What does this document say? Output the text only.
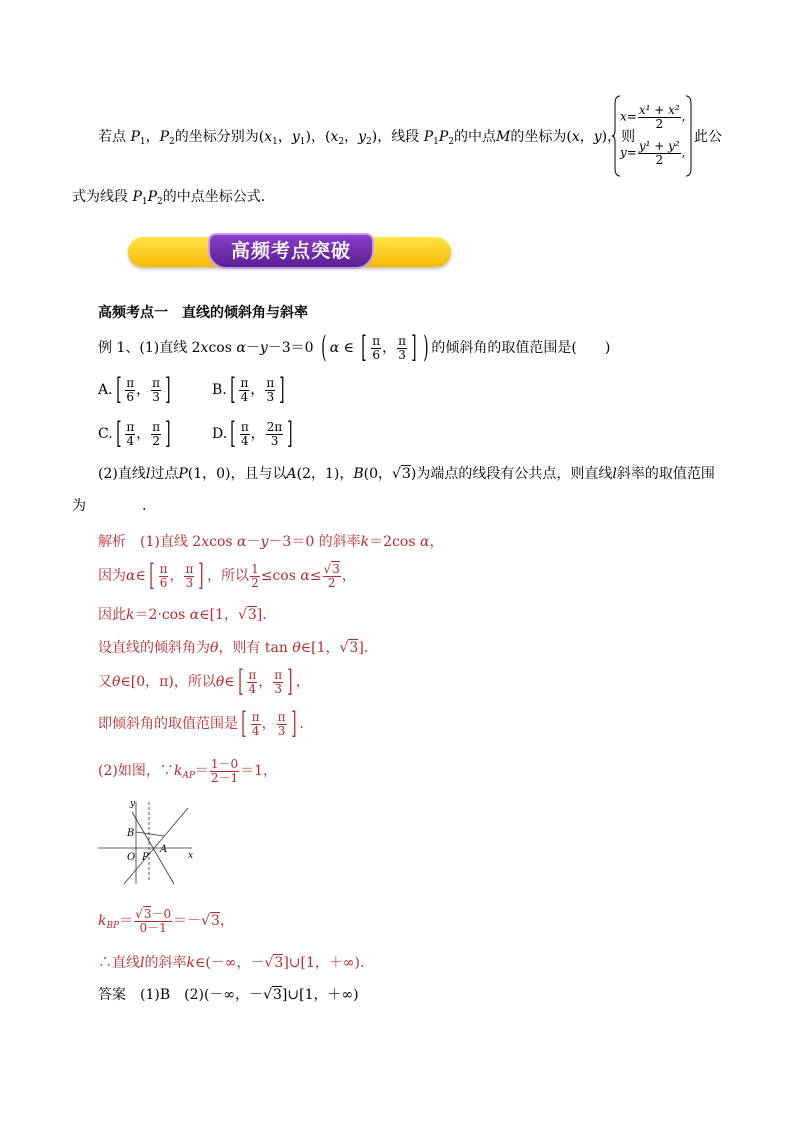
若点 $P_1$，$P_2$的坐标分别为($x_1$，$y_1$)，($x_2$，$y_2$)，线段 $P_1P_2$的中点M的坐标为(x，y)，则
$x= \frac{\text{x¹ + x²}}{2}$ ,
$y= \frac{\text{y¹ + y²}}{2}$ ,
此公
式为线段 $P_1P_2$的中点坐标公式．
高频考点突破
高频考点一　直线的倾斜角与斜率
例 1、(1)直线 2xcos α－y－3＝0 ( α ∈ [ $\frac{\pi}{6}$ ， $\frac{\pi}{3}$ ] ) 的倾斜角的取值范围是(　　)
A. [ $\frac{\pi}{6}$ ， $\frac{\pi}{3}$ ]	B. [ $\frac{\pi}{4}$ ， $\frac{\pi}{3}$ ]
C. [ $\frac{\pi}{4}$ ， $\frac{\pi}{2}$ ]	D. [ $\frac{\pi}{4}$ ， $\frac{2\pi}{3}$ ]
(2)直线l过点P(1，0)，且与以A(2，1)，B(0，√3)为端点的线段有公共点，则直线l斜率的取值范围
为________.
解析　(1)直线 2xcos α－y－3＝0 的斜率k＝2cos α，
因为α∈ [ $\frac{\pi}{6}$ ， $\frac{\pi}{3}$ ] ，所以 $\frac{1}{2} \le\cos$ $\alpha\le \frac{√3}{2}$ ，
因此k＝2·cos α∈[1，√3].
设直线的倾斜角为θ，则有 tan θ∈[1，√3].
又θ∈[0，π)，所以θ∈ [ $\frac{\pi}{4}$ ， $\frac{\pi}{3}$ ] ，
即倾斜角的取值范围是 [ $\frac{\pi}{4}$ ， $\frac{\pi}{3}$ ] .
(2)如图，$\because k_{AP}= \frac{1-0}{2-1} =1$，
y
x
O
B
A
P
$k_{BP}= \frac{√3-0}{0-1} =-√3$，
∴直线l的斜率k∈(－∞，－√3]∪[1，＋∞).
答案　(1)B　(2)(－∞，－√3]∪[1，＋∞)
